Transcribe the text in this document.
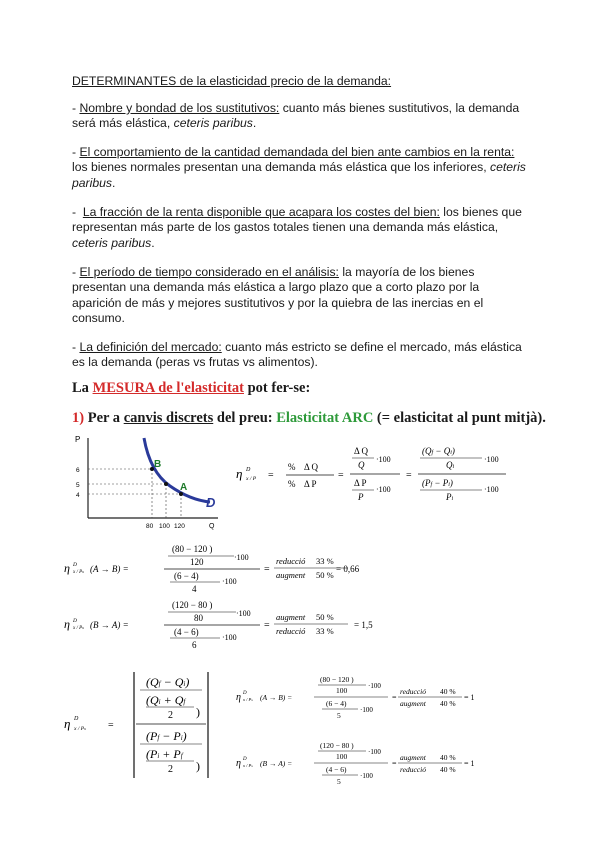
DETERMINANTES de la elasticidad precio de la demanda:
- Nombre y bondad de los sustitutivos: cuanto más bienes sustitutivos, la demanda será más elástica, ceteris paribus.
- El comportamiento de la cantidad demandada del bien ante cambios en la renta: los bienes normales presentan una demanda más elástica que los inferiores, ceteris paribus.
-  La fracción de la renta disponible que acapara los costes del bien: los bienes que representan más parte de los gastos totales tienen una demanda más elástica, ceteris paribus.
- El período de tiempo considerado en el análisis: la mayoría de los bienes presentan una demanda más elástica a largo plazo que a corto plazo por la aparición de más y mejores sustitutivos y por la quiebra de las inercias en el consumo.
- La definición del mercado: cuanto más estricto se define el mercado, más elástica es la demanda (peras vs frutas vs alimentos).
La MESURA de l'elasticitat pot fer-se:
1) Per a canvis discrets del preu: Elasticitat ARC (= elasticitat al punt mitjà).
P
Q
6
5
4
80 100 120
B
A
D
η D
x / P =
% Δ Q
% Δ P
=
Δ Q
·100
Q
Δ P
·100
P
=
(Qf − Qi)
·100
Qi
(Pf − Pi)
·100
Pi
η D
x / Px (A → B) =
(80 − 120 )
·100
120
(6 − 4)
·100
4
=
reducció
augment
33 %
50 %
= 0,66
η D
x / Px (B → A) =
(120 − 80 )
·100
80
(4 − 6)
·100
6
=
augment
reducció
50 %
33 %
= 1,5
η D
x / Px =
(Qf − Qi)
(Qi + Qf
2 )
(Pf − Pi)
(Pi + Pf
2 )
η D
x / Px (A → B) =
(80 − 120 )
·100
100
(6 − 4)
·100
5
=
reducció
augment
40 %
40 %
= 1
η D
x / Px (B → A) =
(120 − 80 )
·100
100
(4 − 6)
·100
5
=
augment
reducció
40 %
40 %
= 1
